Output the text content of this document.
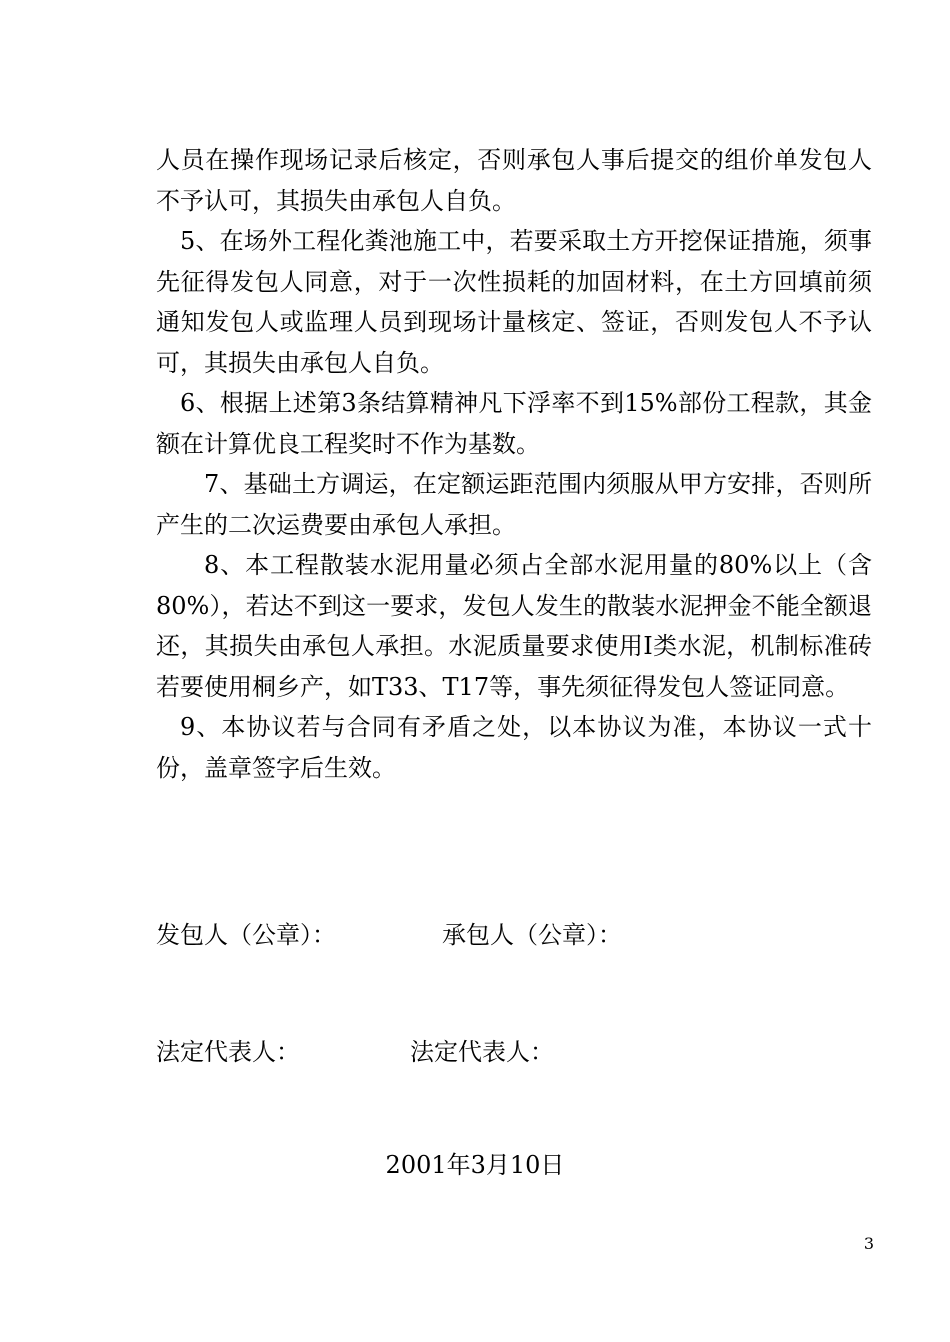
人员在操作现场记录后核定，否则承包人事后提交的组价单发包人不予认可，其损失由承包人自负。

5、在场外工程化粪池施工中，若要采取土方开挖保证措施，须事先征得发包人同意，对于一次性损耗的加固材料，在土方回填前须通知发包人或监理人员到现场计量核定、签证，否则发包人不予认可，其损失由承包人自负。

6、根据上述第3条结算精神凡下浮率不到15%部份工程款，其金额在计算优良工程奖时不作为基数。

7、基础土方调运，在定额运距范围内须服从甲方安排，否则所产生的二次运费要由承包人承担。

8、本工程散装水泥用量必须占全部水泥用量的80%以上（含80%），若达不到这一要求，发包人发生的散装水泥押金不能全额退还，其损失由承包人承担。水泥质量要求使用Ⅰ类水泥，机制标准砖若要使用桐乡产，如T33、T17等，事先须征得发包人签证同意。

9、本协议若与合同有矛盾之处，以本协议为准，本协议一式十份，盖章签字后生效。

发包人（公章）：	承包人（公章）：
法定代表人：	法定代表人：
2001年3月10日
3
